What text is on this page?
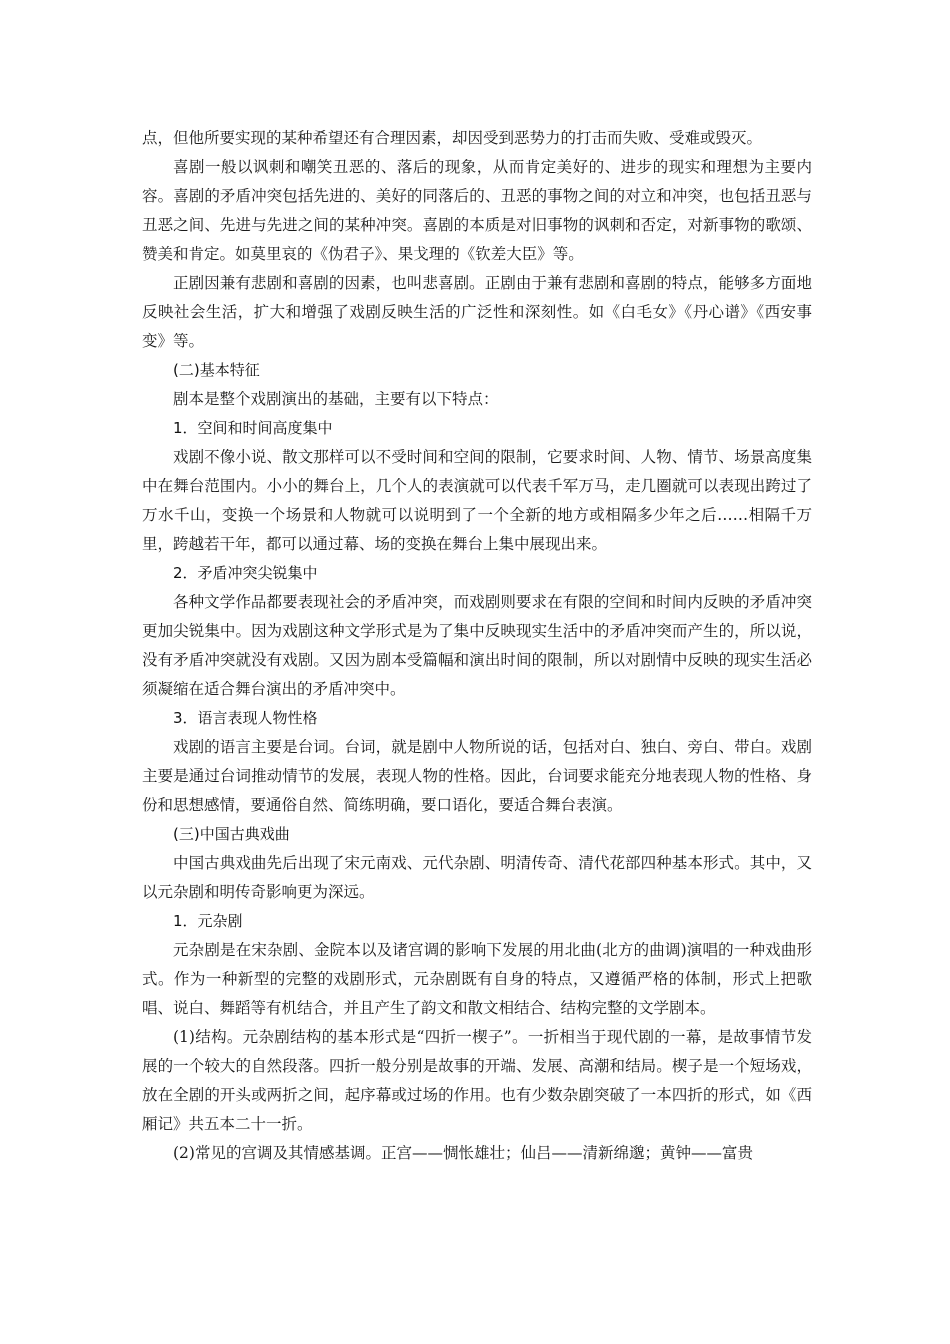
点，但他所要实现的某种希望还有合理因素，却因受到恶势力的打击而失败、受难或毁灭。

喜剧一般以讽刺和嘲笑丑恶的、落后的现象，从而肯定美好的、进步的现实和理想为主要内容。喜剧的矛盾冲突包括先进的、美好的同落后的、丑恶的事物之间的对立和冲突，也包括丑恶与丑恶之间、先进与先进之间的某种冲突。喜剧的本质是对旧事物的讽刺和否定，对新事物的歌颂、赞美和肯定。如莫里哀的《伪君子》、果戈理的《钦差大臣》等。

正剧因兼有悲剧和喜剧的因素，也叫悲喜剧。正剧由于兼有悲剧和喜剧的特点，能够多方面地反映社会生活，扩大和增强了戏剧反映生活的广泛性和深刻性。如《白毛女》《丹心谱》《西安事变》等。

(二)基本特征

剧本是整个戏剧演出的基础，主要有以下特点：

1．空间和时间高度集中

戏剧不像小说、散文那样可以不受时间和空间的限制，它要求时间、人物、情节、场景高度集中在舞台范围内。小小的舞台上，几个人的表演就可以代表千军万马，走几圈就可以表现出跨过了万水千山，变换一个场景和人物就可以说明到了一个全新的地方或相隔多少年之后……相隔千万里，跨越若干年，都可以通过幕、场的变换在舞台上集中展现出来。

2．矛盾冲突尖锐集中

各种文学作品都要表现社会的矛盾冲突，而戏剧则要求在有限的空间和时间内反映的矛盾冲突更加尖锐集中。因为戏剧这种文学形式是为了集中反映现实生活中的矛盾冲突而产生的，所以说，没有矛盾冲突就没有戏剧。又因为剧本受篇幅和演出时间的限制，所以对剧情中反映的现实生活必须凝缩在适合舞台演出的矛盾冲突中。

3．语言表现人物性格

戏剧的语言主要是台词。台词，就是剧中人物所说的话，包括对白、独白、旁白、带白。戏剧主要是通过台词推动情节的发展，表现人物的性格。因此，台词要求能充分地表现人物的性格、身份和思想感情，要通俗自然、简练明确，要口语化，要适合舞台表演。

(三)中国古典戏曲

中国古典戏曲先后出现了宋元南戏、元代杂剧、明清传奇、清代花部四种基本形式。其中，又以元杂剧和明传奇影响更为深远。

1．元杂剧

元杂剧是在宋杂剧、金院本以及诸宫调的影响下发展的用北曲(北方的曲调)演唱的一种戏曲形式。作为一种新型的完整的戏剧形式，元杂剧既有自身的特点，又遵循严格的体制，形式上把歌唱、说白、舞蹈等有机结合，并且产生了韵文和散文相结合、结构完整的文学剧本。

(1)结构。元杂剧结构的基本形式是“四折一楔子”。一折相当于现代剧的一幕，是故事情节发展的一个较大的自然段落。四折一般分别是故事的开端、发展、高潮和结局。楔子是一个短场戏，放在全剧的开头或两折之间，起序幕或过场的作用。也有少数杂剧突破了一本四折的形式，如《西厢记》共五本二十一折。

(2)常见的宫调及其情感基调。正宫——惆怅雄壮；仙吕——清新绵邈；黄钟——富贵
